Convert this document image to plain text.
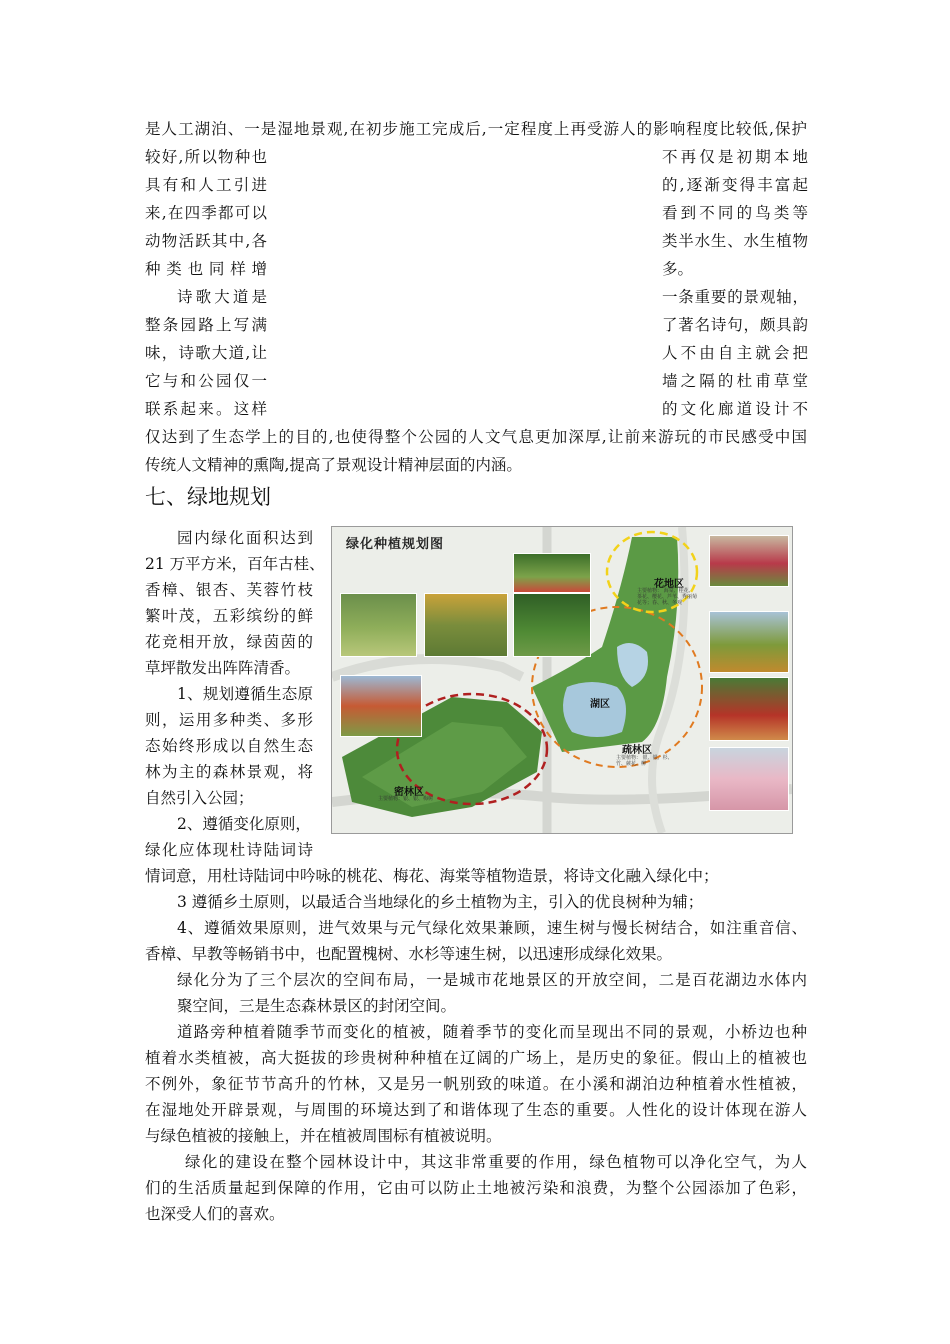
是人工湖泊、一是湿地景观,在初步施工完成后,一定程度上再受游人的影响程度比较低,保护
较好,所以物种也	不再仅是初期本地
具有和人工引进	的,逐渐变得丰富起
来,在四季都可以	看到不同的鸟类等
动物活跃其中,各	类半水生、水生植物
种 类 也 同 样 增	多。
诗歌大道是	一条重要的景观轴，
整条园路上写满	了著名诗句，颇具韵
味，诗歌大道,让	人不由自主就会把
它与和公园仅一	墙之隔的杜甫草堂
联系起来。这样	的文化廊道设计不
仅达到了生态学上的目的,也使得整个公园的人文气息更加深厚,让前来游玩的市民感受中国
传统人文精神的熏陶,提高了景观设计精神层面的内涵。
七、绿地规划
园内绿化面积达到
21 万平方米，百年古桂、
香樟、银杏、芙蓉竹枝
繁叶茂，五彩缤纷的鲜
花竞相开放，绿茵茵的
草坪散发出阵阵清香。
1、规划遵循生态原
则，运用多种类、多形
态始终形成以自然生态
林为主的森林景观，将
自然引入公园；
2、遵循变化原则，
绿化应体现杜诗陆词诗
情词意，用杜诗陆词中吟咏的桃花、梅花、海棠等植物造景，将诗文化融入绿化中；
3 遵循乡土原则，以最适合当地绿化的乡土植物为主，引入的优良树种为辅；
4、遵循效果原则，进气效果与元气绿化效果兼顾，速生树与慢长树结合，如注重音信、
香樟、早教等畅销书中，也配置槐树、水杉等速生树，以迅速形成绿化效果。
绿化分为了三个层次的空间布局，一是城市花地景区的开放空间，二是百花湖边水体内
聚空间，三是生态森林景区的封闭空间。
道路旁种植着随季节而变化的植被，随着季节的变化而呈现出不同的景观，小桥边也种
植着水类植被，高大挺拔的珍贵树种种植在辽阔的广场上，是历史的象征。假山上的植被也
不例外，象征节节高升的竹林，又是另一帆别致的味道。在小溪和湖泊边种植着水性植被，
在湿地处开辟景观，与周围的环境达到了和谐体现了生态的重要。人性化的设计体现在游人
与绿色植被的接触上，并在植被周围标有植被说明。
绿化的建设在整个园林设计中，其这非常重要的作用，绿色植物可以净化空气，为人
们的生活质量起到保障的作用，它由可以防止土地被污染和浪费，为整个公园添加了色彩，
也深受人们的喜欢。
绿化种植规划图
花地区
主要植物： 海棠、桂花、茶花、樱花、芦苇、秀丽菊花等；春、秋、冬观
湖区
疏林区
主要植物： 银、银、杉、竹、蕨花、柳
密林区
主要植物：银、银、梅树
